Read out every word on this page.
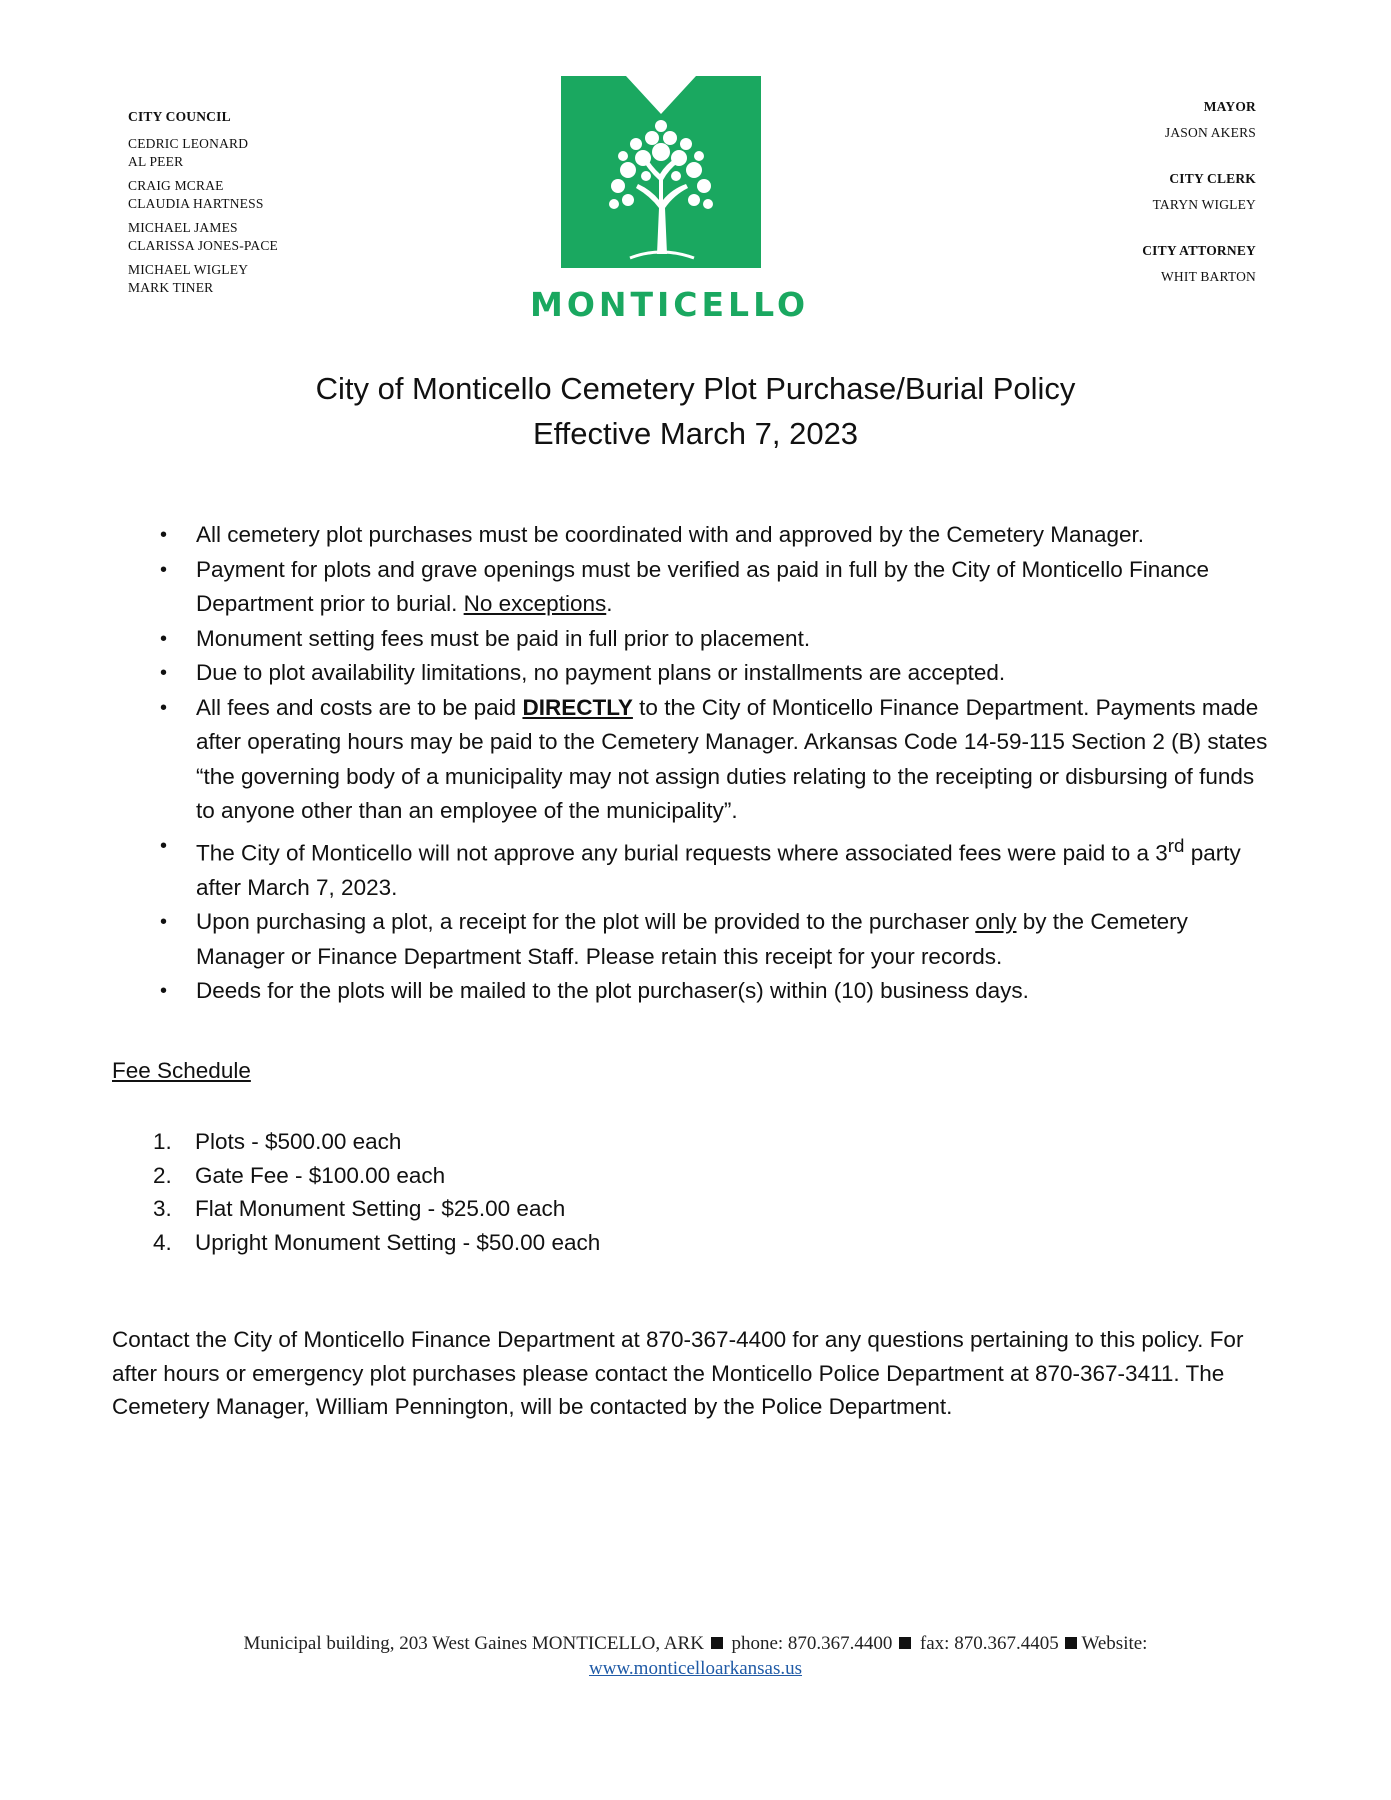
CITY COUNCIL
CEDRIC LEONARD
AL PEER
CRAIG MCRAE
CLAUDIA HARTNESS
MICHAEL JAMES
CLARISSA JONES-PACE
MICHAEL WIGLEY
MARK TINER
MAYOR
JASON AKERS
CITY CLERK
TARYN WIGLEY
CITY ATTORNEY
WHIT BARTON
MONTICELLO
City of Monticello Cemetery Plot Purchase/Burial Policy
Effective March 7, 2023
• All cemetery plot purchases must be coordinated with and approved by the Cemetery Manager.
• Payment for plots and grave openings must be verified as paid in full by the City of Monticello Finance Department prior to burial. No exceptions.
• Monument setting fees must be paid in full prior to placement.
• Due to plot availability limitations, no payment plans or installments are accepted.
• All fees and costs are to be paid DIRECTLY to the City of Monticello Finance Department. Payments made after operating hours may be paid to the Cemetery Manager. Arkansas Code 14-59-115 Section 2 (B) states “the governing body of a municipality may not assign duties relating to the receipting or disbursing of funds to anyone other than an employee of the municipality”.
• The City of Monticello will not approve any burial requests where associated fees were paid to a 3rd party after March 7, 2023.
• Upon purchasing a plot, a receipt for the plot will be provided to the purchaser only by the Cemetery Manager or Finance Department Staff. Please retain this receipt for your records.
• Deeds for the plots will be mailed to the plot purchaser(s) within (10) business days.
Fee Schedule
1. Plots - $500.00 each
2. Gate Fee - $100.00 each
3. Flat Monument Setting - $25.00 each
4. Upright Monument Setting - $50.00 each
Contact the City of Monticello Finance Department at 870-367-4400 for any questions pertaining to this policy. For after hours or emergency plot purchases please contact the Monticello Police Department at 870-367-3411. The Cemetery Manager, William Pennington, will be contacted by the Police Department.
Municipal building, 203 West Gaines MONTICELLO, ARK phone: 870.367.4400 fax: 870.367.4405 Website:
www.monticelloarkansas.us
